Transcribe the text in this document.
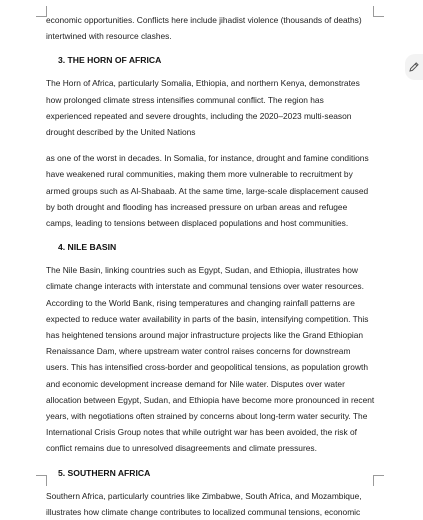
economic opportunities. Conflicts here include jihadist violence (thousands of deaths)
intertwined with resource clashes.
3. THE HORN OF AFRICA
The Horn of Africa, particularly Somalia, Ethiopia, and northern Kenya, demonstrates
how prolonged climate stress intensifies communal conflict. The region has
experienced repeated and severe droughts, including the 2020–2023 multi-season
drought described by the United Nations
as one of the worst in decades. In Somalia, for instance, drought and famine conditions
have weakened rural communities, making them more vulnerable to recruitment by
armed groups such as Al-Shabaab. At the same time, large-scale displacement caused
by both drought and flooding has increased pressure on urban areas and refugee
camps, leading to tensions between displaced populations and host communities.
4. NILE BASIN
The Nile Basin, linking countries such as Egypt, Sudan, and Ethiopia, illustrates how
climate change interacts with interstate and communal tensions over water resources.
According to the World Bank, rising temperatures and changing rainfall patterns are
expected to reduce water availability in parts of the basin, intensifying competition. This
has heightened tensions around major infrastructure projects like the Grand Ethiopian
Renaissance Dam, where upstream water control raises concerns for downstream
users. This has intensified cross-border and geopolitical tensions, as population growth
and economic development increase demand for Nile water. Disputes over water
allocation between Egypt, Sudan, and Ethiopia have become more pronounced in recent
years, with negotiations often strained by concerns about long-term water security. The
International Crisis Group notes that while outright war has been avoided, the risk of
conflict remains due to unresolved disagreements and climate pressures.
5. SOUTHERN AFRICA
Southern Africa, particularly countries like Zimbabwe, South Africa, and Mozambique,
illustrates how climate change contributes to localized communal tensions, economic
